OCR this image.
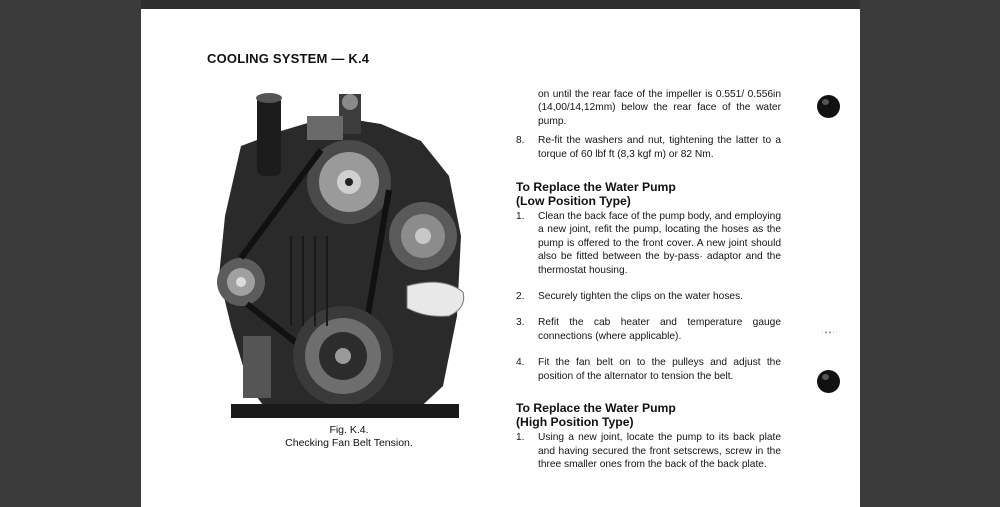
COOLING SYSTEM — K.4
Fig. K.4.
Checking Fan Belt Tension.

on until the rear face of the impeller is 0.551/ 0.556in (14,00/14,12mm) below the rear face of the water pump.

8. Re-fit the washers and nut, tightening the latter to a torque of 60 lbf ft (8,3 kgf m) or 82 Nm.
To Replace the Water Pump
(Low Position Type)
1. Clean the back face of the pump body, and employing a new joint, refit the pump, locating the hoses as the pump is offered to the front cover. A new joint should also be fitted between the by-pass· adaptor and the thermostat housing.
2. Securely tighten the clips on the water hoses.
3. Refit the cab heater and temperature gauge connections (where applicable).
4. Fit the fan belt on to the pulleys and adjust the position of the alternator to tension the belt.
To Replace the Water Pump
(High Position Type)
1. Using a new joint, locate the pump to its back plate and having secured the front setscrews, screw in the three smaller ones from the back of the back plate.
·••·
